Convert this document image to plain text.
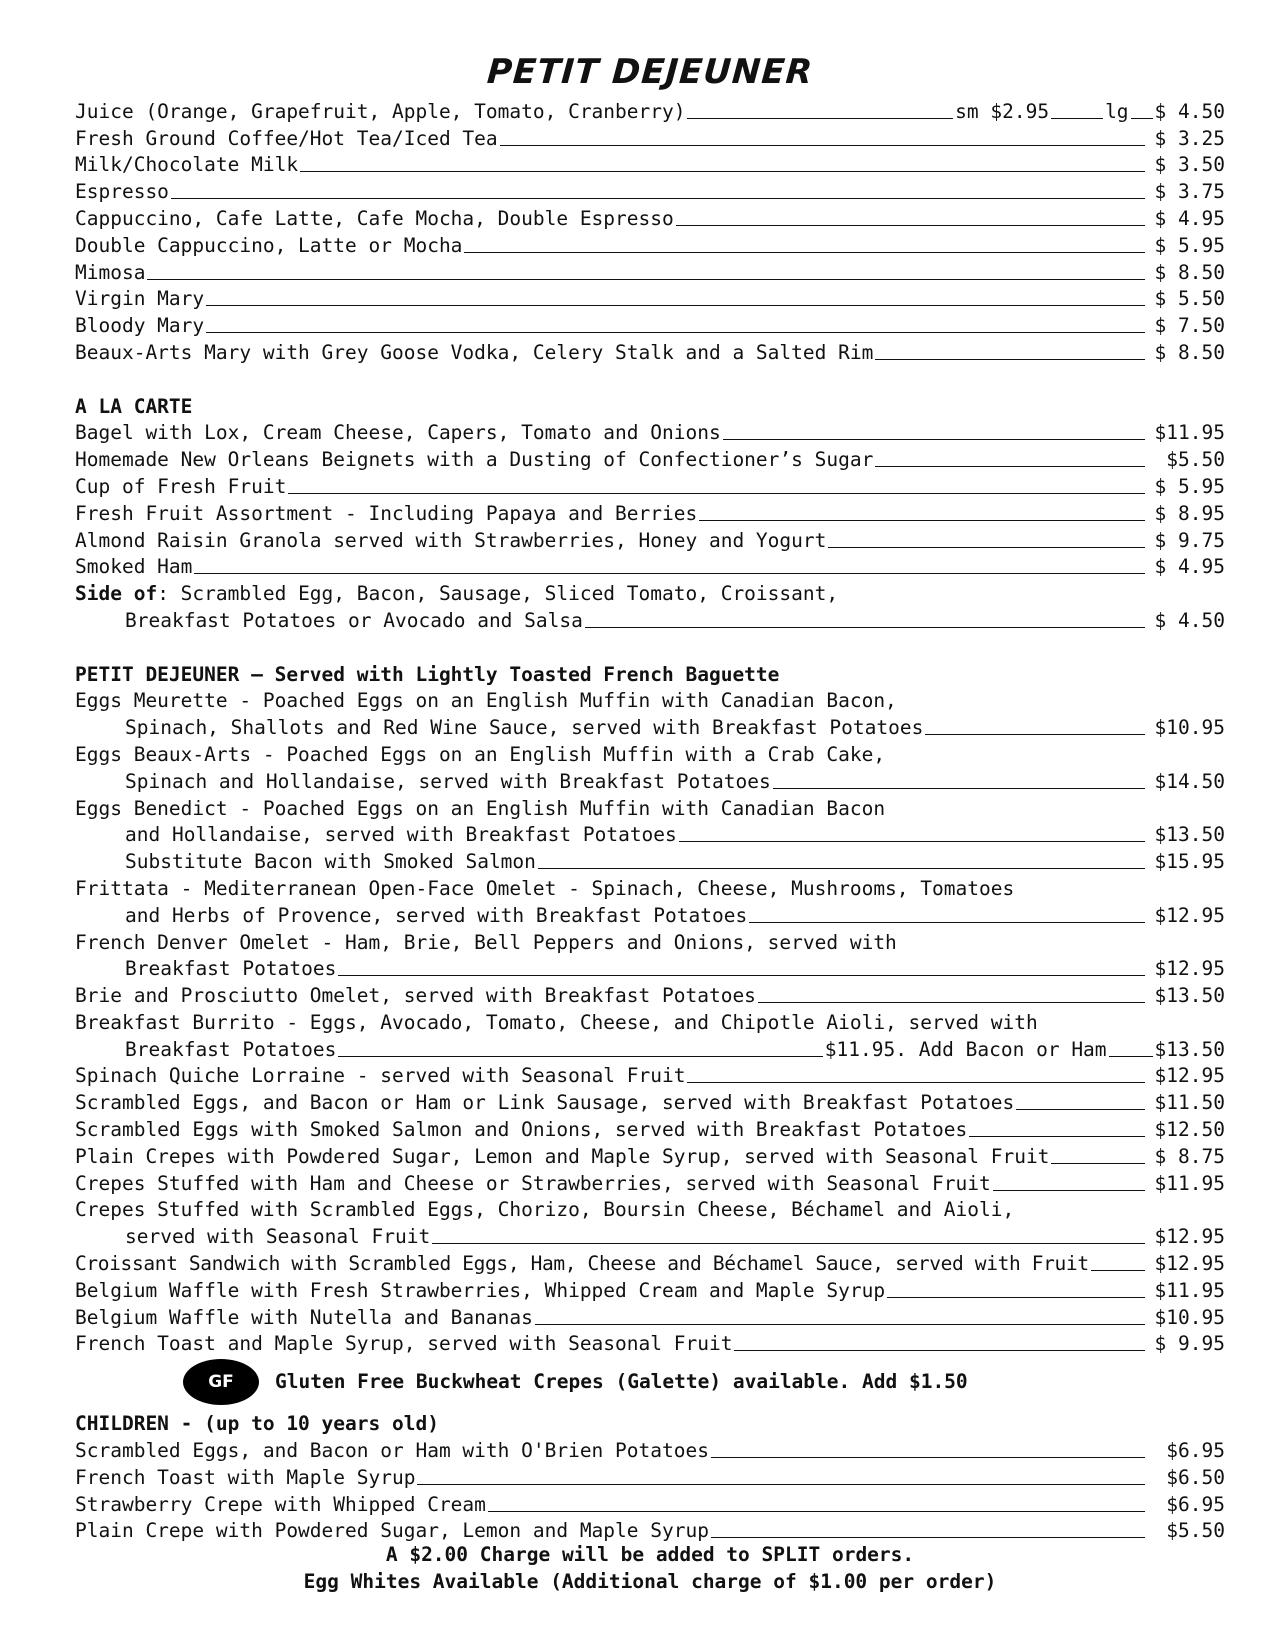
PETIT DEJEUNER
Juice (Orange, Grapefruit, Apple, Tomato, Cranberry)	sm $2.95	lg $ 4.50
Fresh Ground Coffee/Hot Tea/Iced Tea	$ 3.25
Milk/Chocolate Milk	$ 3.50
Espresso	$ 3.75
Cappuccino, Cafe Latte, Cafe Mocha, Double Espresso	$ 4.95
Double Cappuccino, Latte or Mocha	$ 5.95
Mimosa	$ 8.50
Virgin Mary	$ 5.50
Bloody Mary	$ 7.50
Beaux-Arts Mary with Grey Goose Vodka, Celery Stalk and a Salted Rim	$ 8.50
A LA CARTE
Bagel with Lox, Cream Cheese, Capers, Tomato and Onions	$11.95
Homemade New Orleans Beignets with a Dusting of Confectioner’s Sugar	$5.50
Cup of Fresh Fruit	$ 5.95
Fresh Fruit Assortment - Including Papaya and Berries	$ 8.95
Almond Raisin Granola served with Strawberries, Honey and Yogurt	$ 9.75
Smoked Ham	$ 4.95
Side of : Scrambled Egg, Bacon, Sausage, Sliced Tomato, Croissant,
Breakfast Potatoes or Avocado and Salsa	$ 4.50
PETIT DEJEUNER – Served with Lightly Toasted French Baguette
Eggs Meurette - Poached Eggs on an English Muffin with Canadian Bacon,
Spinach, Shallots and Red Wine Sauce, served with Breakfast Potatoes	$10.95
Eggs Beaux-Arts - Poached Eggs on an English Muffin with a Crab Cake,
Spinach and Hollandaise, served with Breakfast Potatoes	$14.50
Eggs Benedict - Poached Eggs on an English Muffin with Canadian Bacon
and Hollandaise, served with Breakfast Potatoes	$13.50
Substitute Bacon with Smoked Salmon	$15.95
Frittata - Mediterranean Open-Face Omelet - Spinach, Cheese, Mushrooms, Tomatoes
and Herbs of Provence, served with Breakfast Potatoes	$12.95
French Denver Omelet - Ham, Brie, Bell Peppers and Onions, served with
Breakfast Potatoes	$12.95
Brie and Prosciutto Omelet, served with Breakfast Potatoes	$13.50
Breakfast Burrito - Eggs, Avocado, Tomato, Cheese, and Chipotle Aioli, served with
Breakfast Potatoes	$11.95. Add Bacon or Ham $13.50
Spinach Quiche Lorraine - served with Seasonal Fruit	$12.95
Scrambled Eggs, and Bacon or Ham or Link Sausage, served with Breakfast Potatoes	$11.50
Scrambled Eggs with Smoked Salmon and Onions, served with Breakfast Potatoes	$12.50
Plain Crepes with Powdered Sugar, Lemon and Maple Syrup, served with Seasonal Fruit	$ 8.75
Crepes Stuffed with Ham and Cheese or Strawberries, served with Seasonal Fruit	$11.95
Crepes Stuffed with Scrambled Eggs, Chorizo, Boursin Cheese, Béchamel and Aioli,
served with Seasonal Fruit	$12.95
Croissant Sandwich with Scrambled Eggs, Ham, Cheese and Béchamel Sauce, served with Fruit	$12.95
Belgium Waffle with Fresh Strawberries, Whipped Cream and Maple Syrup	$11.95
Belgium Waffle with Nutella and Bananas	$10.95
French Toast and Maple Syrup, served with Seasonal Fruit	$ 9.95
GF	Gluten Free Buckwheat Crepes (Galette) available. Add $1.50
CHILDREN - (up to 10 years old)
Scrambled Eggs, and Bacon or Ham with O'Brien Potatoes	$6.95
French Toast with Maple Syrup	$6.50
Strawberry Crepe with Whipped Cream	$6.95
Plain Crepe with Powdered Sugar, Lemon and Maple Syrup	$5.50
A $2.00 Charge will be added to SPLIT orders.
Egg Whites Available (Additional charge of $1.00 per order)
